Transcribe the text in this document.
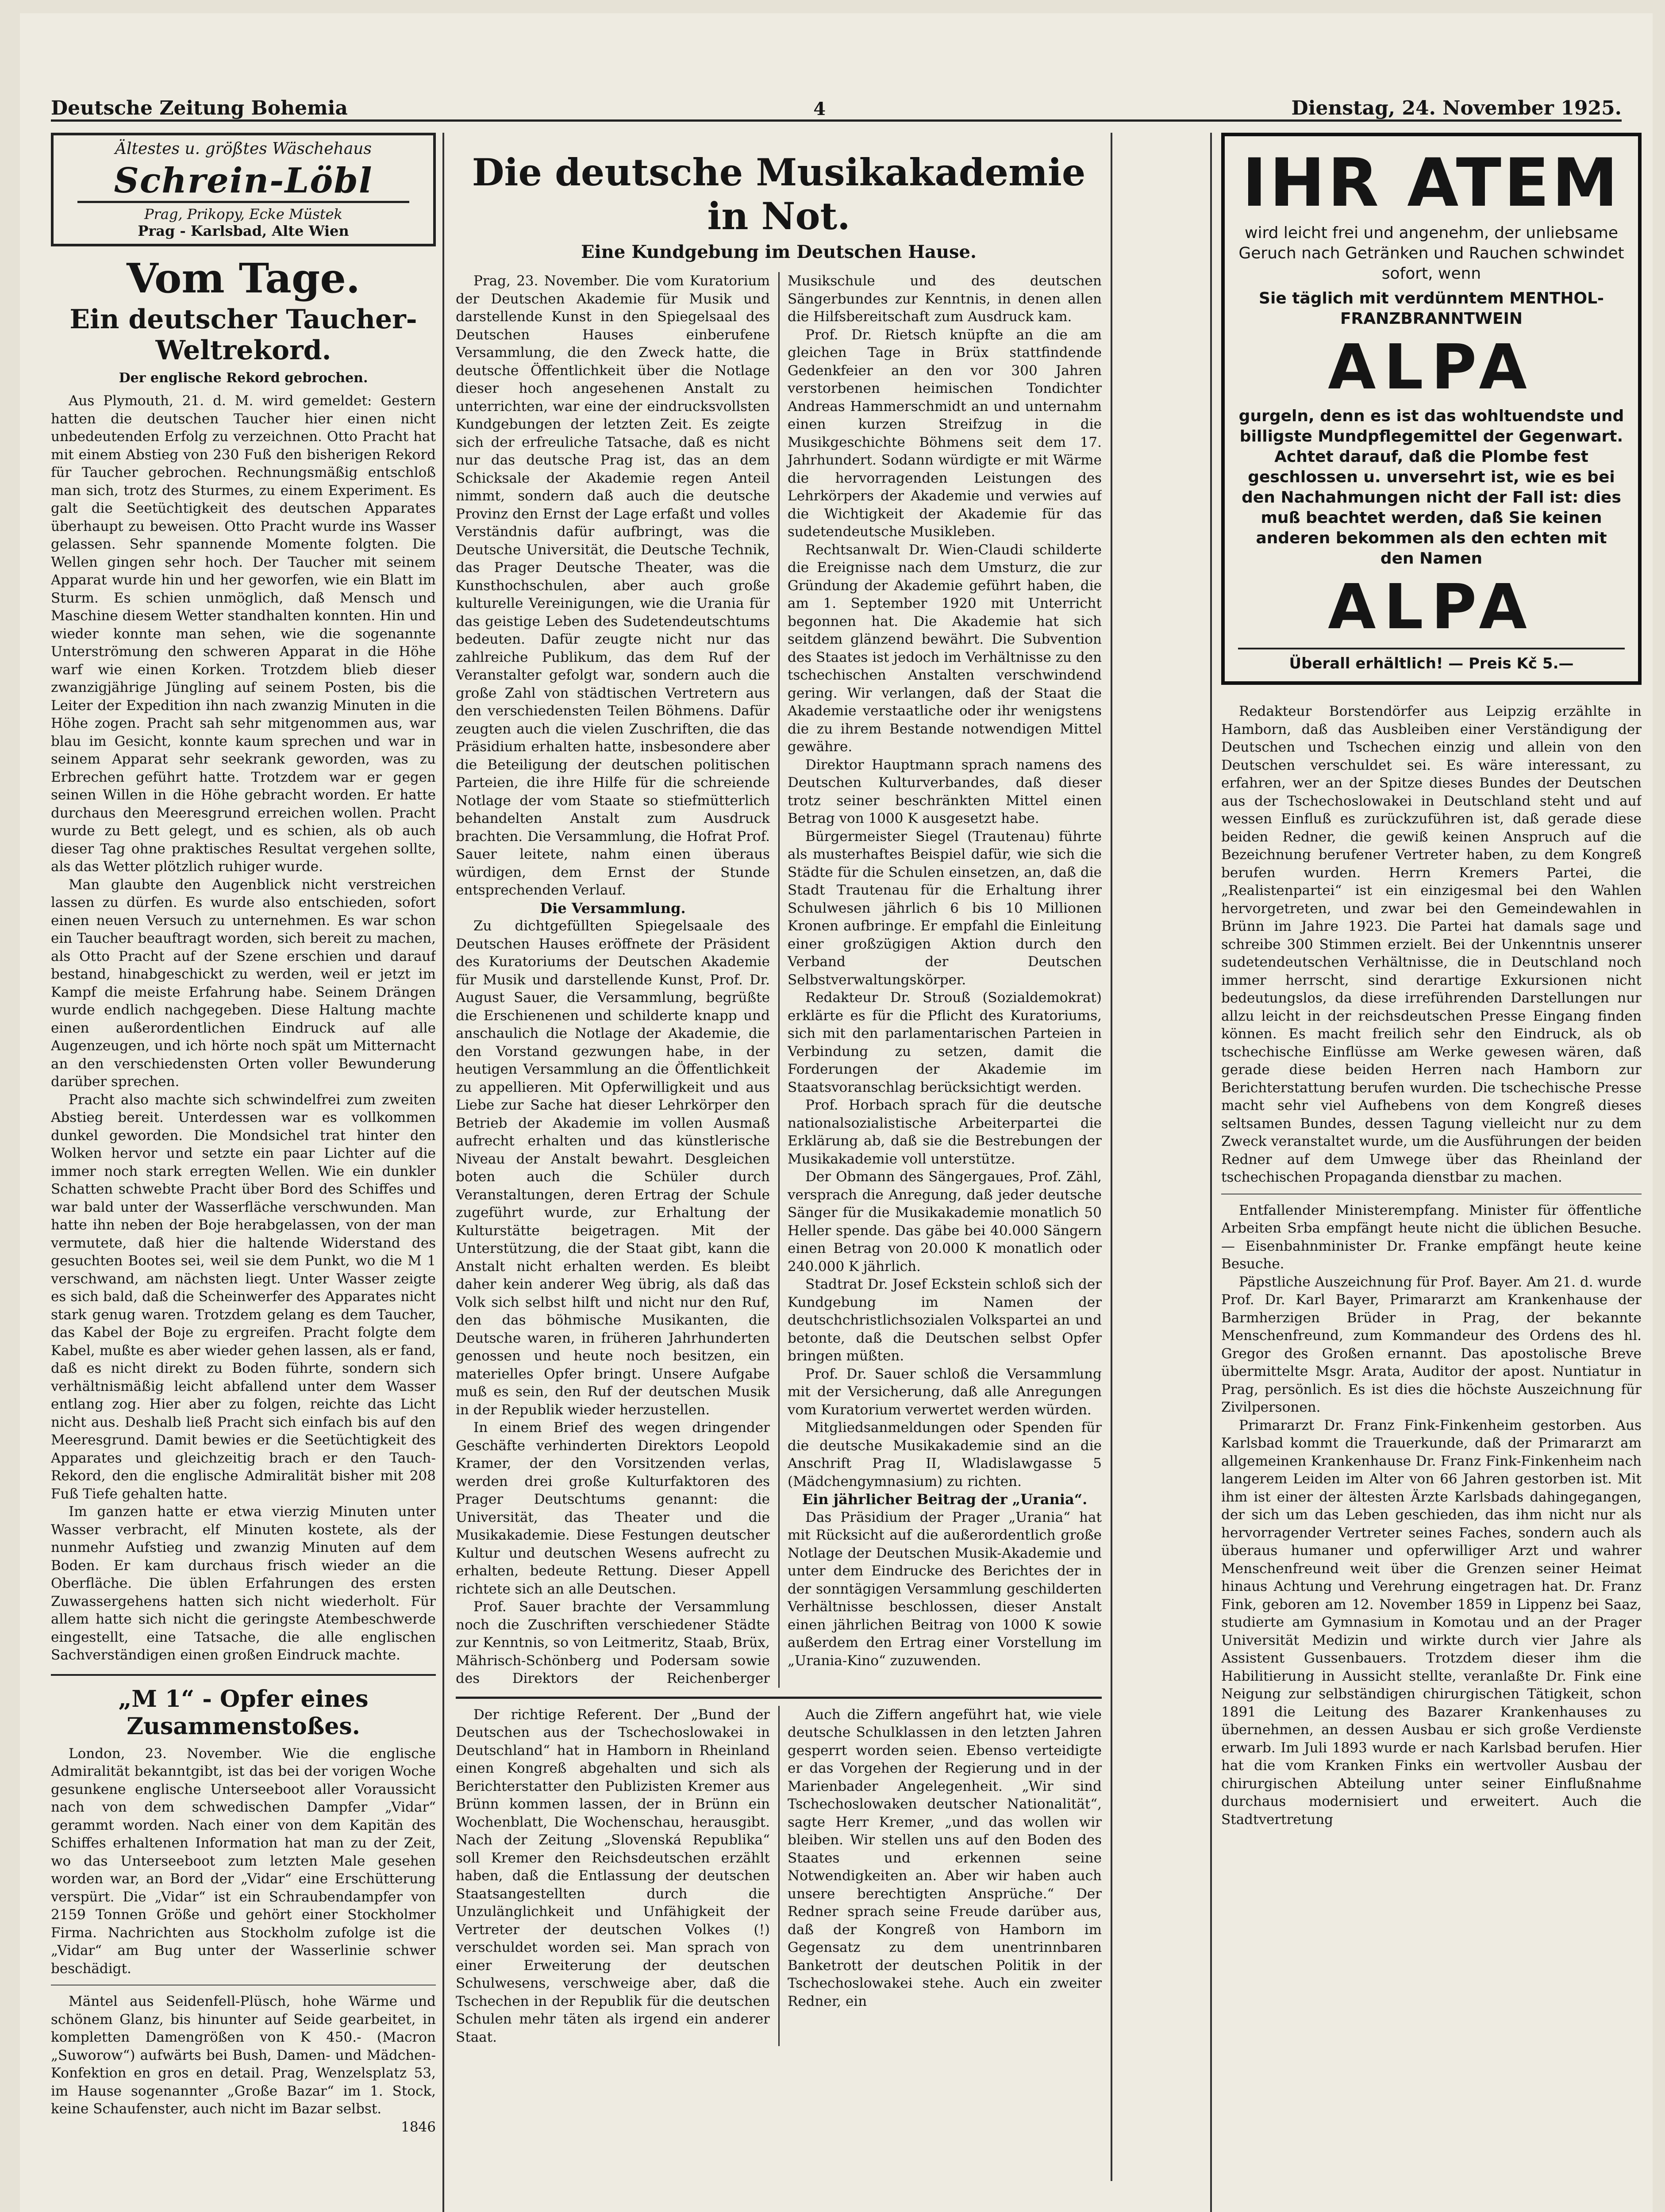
Deutsche Zeitung Bohemia	4	Dienstag, 24. November 1925.
Ältestes u. größtes Wäschehaus
Schrein-Löbl
Prag, Prikopy, Ecke Müstek
Prag - Karlsbad, Alte Wien
Vom Tage.
Ein deutscher Taucher-Weltrekord.
Der englische Rekord gebrochen.

Aus Plymouth, 21. d. M. wird gemeldet: Gestern hatten die deutschen Taucher hier einen nicht unbedeutenden Erfolg zu verzeichnen. Otto Pracht hat mit einem Abstieg von 230 Fuß den bisherigen Rekord für Taucher gebrochen. Rechnungsmäßig entschloß man sich, trotz des Sturmes, zu einem Experiment. Es galt die Seetüchtigkeit des deutschen Apparates überhaupt zu beweisen. Otto Pracht wurde ins Wasser gelassen. Sehr spannende Momente folgten. Die Wellen gingen sehr hoch. Der Taucher mit seinem Apparat wurde hin und her geworfen, wie ein Blatt im Sturm. Es schien unmöglich, daß Mensch und Maschine diesem Wetter standhalten konnten. Hin und wieder konnte man sehen, wie die sogenannte Unterströmung den schweren Apparat in die Höhe warf wie einen Korken. Trotzdem blieb dieser zwanzigjährige Jüngling auf seinem Posten, bis die Leiter der Expedition ihn nach zwanzig Minuten in die Höhe zogen. Pracht sah sehr mitgenommen aus, war blau im Gesicht, konnte kaum sprechen und war in seinem Apparat sehr seekrank geworden, was zu Erbrechen geführt hatte. Trotzdem war er gegen seinen Willen in die Höhe gebracht worden. Er hatte durchaus den Meeresgrund erreichen wollen. Pracht wurde zu Bett gelegt, und es schien, als ob auch dieser Tag ohne praktisches Resultat vergehen sollte, als das Wetter plötzlich ruhiger wurde.

Man glaubte den Augenblick nicht verstreichen lassen zu dürfen. Es wurde also entschieden, sofort einen neuen Versuch zu unternehmen. Es war schon ein Taucher beauftragt worden, sich bereit zu machen, als Otto Pracht auf der Szene erschien und darauf bestand, hinabgeschickt zu werden, weil er jetzt im Kampf die meiste Erfahrung habe. Seinem Drängen wurde endlich nachgegeben. Diese Haltung machte einen außerordentlichen Eindruck auf alle Augenzeugen, und ich hörte noch spät um Mitternacht an den verschiedensten Orten voller Bewunderung darüber sprechen.

Pracht also machte sich schwindelfrei zum zweiten Abstieg bereit. Unterdessen war es vollkommen dunkel geworden. Die Mondsichel trat hinter den Wolken hervor und setzte ein paar Lichter auf die immer noch stark erregten Wellen. Wie ein dunkler Schatten schwebte Pracht über Bord des Schiffes und war bald unter der Wasserfläche verschwunden. Man hatte ihn neben der Boje herabgelassen, von der man vermutete, daß hier die haltende Widerstand des gesuchten Bootes sei, weil sie dem Punkt, wo die M 1 verschwand, am nächsten liegt. Unter Wasser zeigte es sich bald, daß die Scheinwerfer des Apparates nicht stark genug waren. Trotzdem gelang es dem Taucher, das Kabel der Boje zu ergreifen. Pracht folgte dem Kabel, mußte es aber wieder gehen lassen, als er fand, daß es nicht direkt zu Boden führte, sondern sich verhältnismäßig leicht abfallend unter dem Wasser entlang zog. Hier aber zu folgen, reichte das Licht nicht aus. Deshalb ließ Pracht sich einfach bis auf den Meeresgrund. Damit bewies er die Seetüchtigkeit des Apparates und gleichzeitig brach er den Tauch-Rekord, den die englische Admiralität bisher mit 208 Fuß Tiefe gehalten hatte.

Im ganzen hatte er etwa vierzig Minuten unter Wasser verbracht, elf Minuten kostete, als der nunmehr Aufstieg und zwanzig Minuten auf dem Boden. Er kam durchaus frisch wieder an die Oberfläche. Die üblen Erfahrungen des ersten Zuwassergehens hatten sich nicht wiederholt. Für allem hatte sich nicht die geringste Atembeschwerde eingestellt, eine Tatsache, die alle englischen Sachverständigen einen großen Eindruck machte.

„M 1“ - Opfer eines Zusammenstoßes.

London, 23. November. Wie die englische Admiralität bekanntgibt, ist das bei der vorigen Woche gesunkene englische Unterseeboot aller Voraussicht nach von dem schwedischen Dampfer „Vidar“ gerammt worden. Nach einer von dem Kapitän des Schiffes erhaltenen Information hat man zu der Zeit, wo das Unterseeboot zum letzten Male gesehen worden war, an Bord der „Vidar“ eine Erschütterung verspürt. Die „Vidar“ ist ein Schraubendampfer von 2159 Tonnen Größe und gehört einer Stockholmer Firma. Nachrichten aus Stockholm zufolge ist die „Vidar“ am Bug unter der Wasserlinie schwer beschädigt.

Mäntel aus Seidenfell-Plüsch, hohe Wärme und schönem Glanz, bis hinunter auf Seide gearbeitet, in kompletten Damengrößen von K 450.- (Macron „Suworow“) aufwärts bei Bush, Damen- und Mädchen-Konfektion en gros en detail. Prag, Wenzelsplatz 53, im Hause sogenannter „Große Bazar“ im 1. Stock, keine Schaufenster, auch nicht im Bazar selbst.

1846
Die deutsche Musikakademie in Not.
Eine Kundgebung im Deutschen Hause.

Prag, 23. November. Die vom Kuratorium der Deutschen Akademie für Musik und darstellende Kunst in den Spiegelsaal des Deutschen Hauses einberufene Versammlung, die den Zweck hatte, die deutsche Öffentlichkeit über die Notlage dieser hoch angesehenen Anstalt zu unterrichten, war eine der eindrucksvollsten Kundgebungen der letzten Zeit. Es zeigte sich der erfreuliche Tatsache, daß es nicht nur das deutsche Prag ist, das an dem Schicksale der Akademie regen Anteil nimmt, sondern daß auch die deutsche Provinz den Ernst der Lage erfaßt und volles Verständnis dafür aufbringt, was die Deutsche Universität, die Deutsche Technik, das Prager Deutsche Theater, was die Kunsthochschulen, aber auch große kulturelle Vereinigungen, wie die Urania für das geistige Leben des Sudetendeutschtums bedeuten. Dafür zeugte nicht nur das zahlreiche Publikum, das dem Ruf der Veranstalter gefolgt war, sondern auch die große Zahl von städtischen Vertretern aus den verschiedensten Teilen Böhmens. Dafür zeugten auch die vielen Zuschriften, die das Präsidium erhalten hatte, insbesondere aber die Beteiligung der deutschen politischen Parteien, die ihre Hilfe für die schreiende Notlage der vom Staate so stiefmütterlich behandelten Anstalt zum Ausdruck brachten. Die Versammlung, die Hofrat Prof. Sauer leitete, nahm einen überaus würdigen, dem Ernst der Stunde entsprechenden Verlauf.

Die Versammlung.

Zu dichtgefüllten Spiegelsaale des Deutschen Hauses eröffnete der Präsident des Kuratoriums der Deutschen Akademie für Musik und darstellende Kunst, Prof. Dr. August Sauer, die Versammlung, begrüßte die Erschienenen und schilderte knapp und anschaulich die Notlage der Akademie, die den Vorstand gezwungen habe, in der heutigen Versammlung an die Öffentlichkeit zu appellieren. Mit Opferwilligkeit und aus Liebe zur Sache hat dieser Lehrkörper den Betrieb der Akademie im vollen Ausmaß aufrecht erhalten und das künstlerische Niveau der Anstalt bewahrt. Desgleichen boten auch die Schüler durch Veranstaltungen, deren Ertrag der Schule zugeführt wurde, zur Erhaltung der Kulturstätte beigetragen. Mit der Unterstützung, die der Staat gibt, kann die Anstalt nicht erhalten werden. Es bleibt daher kein anderer Weg übrig, als daß das Volk sich selbst hilft und nicht nur den Ruf, den das böhmische Musikanten, die Deutsche waren, in früheren Jahrhunderten genossen und heute noch besitzen, ein materielles Opfer bringt. Unsere Aufgabe muß es sein, den Ruf der deutschen Musik in der Republik wieder herzustellen.

In einem Brief des wegen dringender Geschäfte verhinderten Direktors Leopold Kramer, der den Vorsitzenden verlas, werden drei große Kulturfaktoren des Prager Deutschtums genannt: die Universität, das Theater und die Musikakademie. Diese Festungen deutscher Kultur und deutschen Wesens aufrecht zu erhalten, bedeute Rettung. Dieser Appell richtete sich an alle Deutschen.

Prof. Sauer brachte der Versammlung noch die Zuschriften verschiedener Städte zur Kenntnis, so von Leitmeritz, Staab, Brüx, Mährisch-Schönberg und Podersam sowie des Direktors der Reichenberger Musikschule und des deutschen Sängerbundes zur Kenntnis, in denen allen die Hilfsbereitschaft zum Ausdruck kam.

Prof. Dr. Rietsch knüpfte an die am gleichen Tage in Brüx stattfindende Gedenkfeier an den vor 300 Jahren verstorbenen heimischen Tondichter Andreas Hammerschmidt an und unternahm einen kurzen Streifzug in die Musikgeschichte Böhmens seit dem 17. Jahrhundert. Sodann würdigte er mit Wärme die hervorragenden Leistungen des Lehrkörpers der Akademie und verwies auf die Wichtigkeit der Akademie für das sudetendeutsche Musikleben.

Rechtsanwalt Dr. Wien-Claudi schilderte die Ereignisse nach dem Umsturz, die zur Gründung der Akademie geführt haben, die am 1. September 1920 mit Unterricht begonnen hat. Die Akademie hat sich seitdem glänzend bewährt. Die Subvention des Staates ist jedoch im Verhältnisse zu den tschechischen Anstalten verschwindend gering. Wir verlangen, daß der Staat die Akademie verstaatliche oder ihr wenigstens die zu ihrem Bestande notwendigen Mittel gewähre.

Direktor Hauptmann sprach namens des Deutschen Kulturverbandes, daß dieser trotz seiner beschränkten Mittel einen Betrag von 1000 K ausgesetzt habe.

Bürgermeister Siegel (Trautenau) führte als musterhaftes Beispiel dafür, wie sich die Städte für die Schulen einsetzen, an, daß die Stadt Trautenau für die Erhaltung ihrer Schulwesen jährlich 6 bis 10 Millionen Kronen aufbringe. Er empfahl die Einleitung einer großzügigen Aktion durch den Verband der Deutschen Selbstverwaltungskörper.

Redakteur Dr. Strouß (Sozialdemokrat) erklärte es für die Pflicht des Kuratoriums, sich mit den parlamentarischen Parteien in Verbindung zu setzen, damit die Forderungen der Akademie im Staatsvoranschlag berücksichtigt werden.

Prof. Horbach sprach für die deutsche nationalsozialistische Arbeiterpartei die Erklärung ab, daß sie die Bestrebungen der Musikakademie voll unterstütze.

Der Obmann des Sängergaues, Prof. Zähl, versprach die Anregung, daß jeder deutsche Sänger für die Musikakademie monatlich 50 Heller spende. Das gäbe bei 40.000 Sängern einen Betrag von 20.000 K monatlich oder 240.000 K jährlich.

Stadtrat Dr. Josef Eckstein schloß sich der Kundgebung im Namen der deutschchristlichsozialen Volkspartei an und betonte, daß die Deutschen selbst Opfer bringen müßten.

Prof. Dr. Sauer schloß die Versammlung mit der Versicherung, daß alle Anregungen vom Kuratorium verwertet werden würden.

Mitgliedsanmeldungen oder Spenden für die deutsche Musikakademie sind an die Anschrift Prag II, Wladislawgasse 5 (Mädchengymnasium) zu richten.

Ein jährlicher Beitrag der „Urania“.

Das Präsidium der Prager „Urania“ hat mit Rücksicht auf die außerordentlich große Notlage der Deutschen Musik-Akademie und unter dem Eindrucke des Berichtes der in der sonntägigen Versammlung geschilderten Verhältnisse beschlossen, dieser Anstalt einen jährlichen Beitrag von 1000 K sowie außerdem den Ertrag einer Vorstellung im „Urania-Kino“ zuzuwenden.

Der richtige Referent. Der „Bund der Deutschen aus der Tschechoslowakei in Deutschland“ hat in Hamborn in Rheinland einen Kongreß abgehalten und sich als Berichterstatter den Publizisten Kremer aus Brünn kommen lassen, der in Brünn ein Wochenblatt, Die Wochenschau, herausgibt. Nach der Zeitung „Slovenská Republika“ soll Kremer den Reichsdeutschen erzählt haben, daß die Entlassung der deutschen Staatsangestellten durch die Unzulänglichkeit und Unfähigkeit der Vertreter der deutschen Volkes (!) verschuldet worden sei. Man sprach von einer Erweiterung der deutschen Schulwesens, verschweige aber, daß die Tschechen in der Republik für die deutschen Schulen mehr täten als irgend ein anderer Staat.

Auch die Ziffern angeführt hat, wie viele deutsche Schulklassen in den letzten Jahren gesperrt worden seien. Ebenso verteidigte er das Vorgehen der Regierung und in der Marienbader Angelegenheit. „Wir sind Tschechoslowaken deutscher Nationalität“, sagte Herr Kremer, „und das wollen wir bleiben. Wir stellen uns auf den Boden des Staates und erkennen seine Notwendigkeiten an. Aber wir haben auch unsere berechtigten Ansprüche.“ Der Redner sprach seine Freude darüber aus, daß der Kongreß von Hamborn im Gegensatz zu dem unentrinnbaren Banketrott der deutschen Politik in der Tschechoslowakei stehe. Auch ein zweiter Redner, ein

IHR ATEM
wird leicht frei und angenehm, der unliebsame Geruch nach Getränken und Rauchen schwindet sofort, wenn
Sie täglich mit verdünntem MENTHOL-FRANZBRANNTWEIN
ALPA
gurgeln, denn es ist das wohltuendste und billigste Mundpflegemittel der Gegenwart. Achtet darauf, daß die Plombe fest geschlossen u. unversehrt ist, wie es bei den Nachahmungen nicht der Fall ist: dies muß beachtet werden, daß Sie keinen anderen bekommen als den echten mit den Namen
ALPA
Überall erhältlich! — Preis Kč 5.—

Redakteur Borstendörfer aus Leipzig erzählte in Hamborn, daß das Ausbleiben einer Verständigung der Deutschen und Tschechen einzig und allein von den Deutschen verschuldet sei. Es wäre interessant, zu erfahren, wer an der Spitze dieses Bundes der Deutschen aus der Tschechoslowakei in Deutschland steht und auf wessen Einfluß es zurückzuführen ist, daß gerade diese beiden Redner, die gewiß keinen Anspruch auf die Bezeichnung berufener Vertreter haben, zu dem Kongreß berufen wurden. Herrn Kremers Partei, die „Realistenpartei“ ist ein einzigesmal bei den Wahlen hervorgetreten, und zwar bei den Gemeindewahlen in Brünn im Jahre 1923. Die Partei hat damals sage und schreibe 300 Stimmen erzielt. Bei der Unkenntnis unserer sudetendeutschen Verhältnisse, die in Deutschland noch immer herrscht, sind derartige Exkursionen nicht bedeutungslos, da diese irreführenden Darstellungen nur allzu leicht in der reichsdeutschen Presse Eingang finden können. Es macht freilich sehr den Eindruck, als ob tschechische Einflüsse am Werke gewesen wären, daß gerade diese beiden Herren nach Hamborn zur Berichterstattung berufen wurden. Die tschechische Presse macht sehr viel Aufhebens von dem Kongreß dieses seltsamen Bundes, dessen Tagung vielleicht nur zu dem Zweck veranstaltet wurde, um die Ausführungen der beiden Redner auf dem Umwege über das Rheinland der tschechischen Propaganda dienstbar zu machen.

Entfallender Ministerempfang. Minister für öffentliche Arbeiten Srba empfängt heute nicht die üblichen Besuche. — Eisenbahnminister Dr. Franke empfängt heute keine Besuche.

Päpstliche Auszeichnung für Prof. Bayer. Am 21. d. wurde Prof. Dr. Karl Bayer, Primararzt am Krankenhause der Barmherzigen Brüder in Prag, der bekannte Menschenfreund, zum Kommandeur des Ordens des hl. Gregor des Großen ernannt. Das apostolische Breve übermittelte Msgr. Arata, Auditor der apost. Nuntiatur in Prag, persönlich. Es ist dies die höchste Auszeichnung für Zivilpersonen.

Primararzt Dr. Franz Fink-Finkenheim gestorben. Aus Karlsbad kommt die Trauerkunde, daß der Primararzt am allgemeinen Krankenhause Dr. Franz Fink-Finkenheim nach langerem Leiden im Alter von 66 Jahren gestorben ist. Mit ihm ist einer der ältesten Ärzte Karlsbads dahingegangen, der sich um das Leben geschieden, das ihm nicht nur als hervorragender Vertreter seines Faches, sondern auch als überaus humaner und opferwilliger Arzt und wahrer Menschenfreund weit über die Grenzen seiner Heimat hinaus Achtung und Verehrung eingetragen hat. Dr. Franz Fink, geboren am 12. November 1859 in Lippenz bei Saaz, studierte am Gymnasium in Komotau und an der Prager Universität Medizin und wirkte durch vier Jahre als Assistent Gussenbauers. Trotzdem dieser ihm die Habilitierung in Aussicht stellte, veranlaßte Dr. Fink eine Neigung zur selbständigen chirurgischen Tätigkeit, schon 1891 die Leitung des Bazarer Krankenhauses zu übernehmen, an dessen Ausbau er sich große Verdienste erwarb. Im Juli 1893 wurde er nach Karlsbad berufen. Hier hat die vom Kranken Finks ein wertvoller Ausbau der chirurgischen Abteilung unter seiner Einflußnahme durchaus modernisiert und erweitert. Auch die Stadtvertretung
